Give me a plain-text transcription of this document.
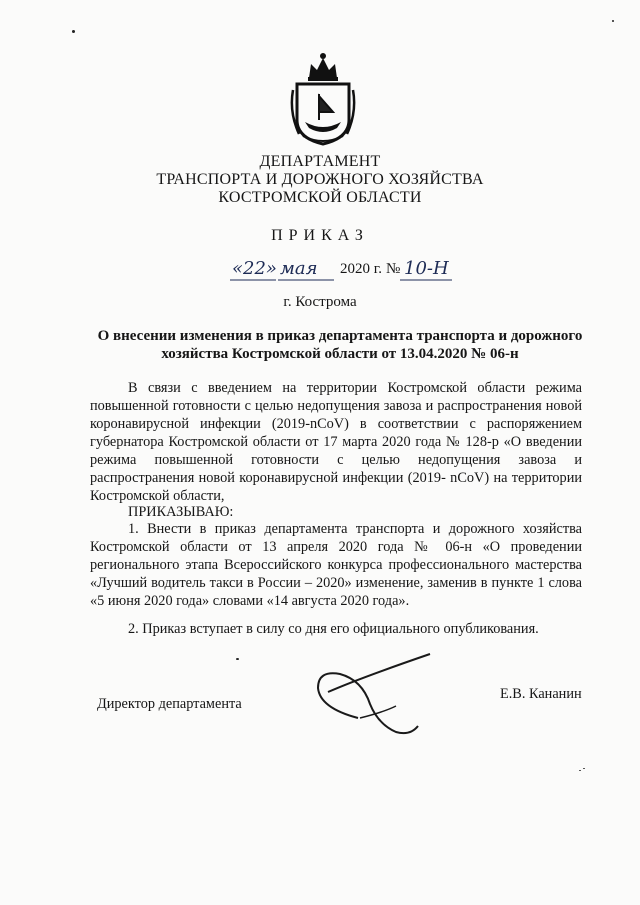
ДЕПАРТАМЕНТ
ТРАНСПОРТА И ДОРОЖНОГО ХОЗЯЙСТВА
КОСТРОМСКОЙ ОБЛАСТИ
ПРИКАЗ
«22» мая 2020 г. № 10-Н
г. Кострома
О внесении изменения в приказ департамента транспорта и дорожного хозяйства Костромской области от 13.04.2020 № 06-н
В связи с введением на территории Костромской области режима повышенной готовности с целью недопущения завоза и распространения новой коронавирусной инфекции (2019-nCoV) в соответствии с распоряжением губернатора Костромской области от 17 марта 2020 года № 128-р «О введении режима повышенной готовности с целью недопущения завоза и распространения новой коронавирусной инфекции (2019- nCoV) на территории Костромской области,
ПРИКАЗЫВАЮ:
1. Внести в приказ департамента транспорта и дорожного хозяйства Костромской области от 13 апреля 2020 года № 06-н «О проведении регионального этапа Всероссийского конкурса профессионального мастерства «Лучший водитель такси в России – 2020» изменение, заменив в пункте 1 слова «5 июня 2020 года» словами «14 августа 2020 года».
2. Приказ вступает в силу со дня его официального опубликования.
Директор департамента
Е.В. Кананин
